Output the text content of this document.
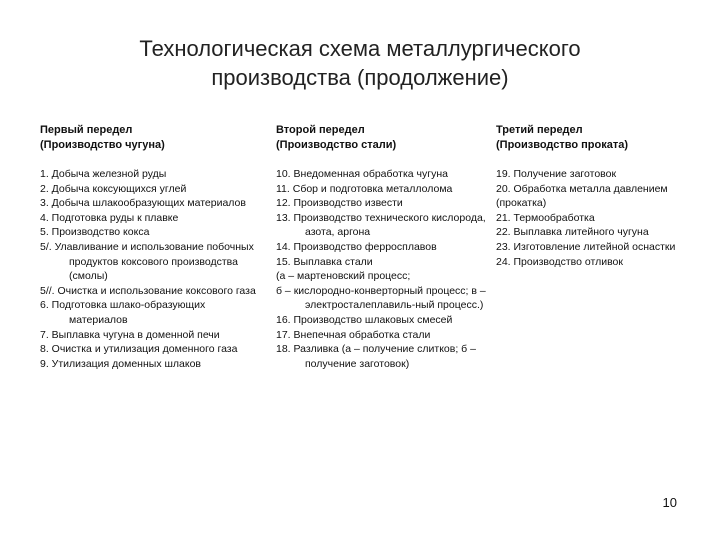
Технологическая схема металлургического
производства (продолжение)
Первый передел
(Производство чугуна)
1. Добыча железной руды
2. Добыча коксующихся углей
3. Добыча шлакообразующих материалов
4. Подготовка руды к плавке
5. Производство кокса
5/. Улавливание и использование побочных продуктов коксового производства (смолы)
5//. Очистка и использование коксового газа
6. Подготовка шлако-образующих материалов
7. Выплавка чугуна в доменной печи
8. Очистка и утилизация доменного газа
9. Утилизация доменных шлаков
Второй передел
(Производство стали)
10. Внедоменная обработка чугуна
11. Сбор и подготовка металлолома
12. Производство извести
13. Производство технического кислорода, азота, аргона
14. Производство ферросплавов
15. Выплавка стали
(а – мартеновский процесс;
б – кислородно-конверторный процесс; в – электросталеплавиль-ный процесс.)
16. Производство шлаковых смесей
17. Внепечная обработка стали
18. Разливка (а – получение слитков; б – получение заготовок)
Третий передел
(Производство проката)
19. Получение заготовок
20. Обработка металла давлением (прокатка)
21. Термообработка
22. Выплавка литейного чугуна
23. Изготовление литейной оснастки
24. Производство отливок
10
